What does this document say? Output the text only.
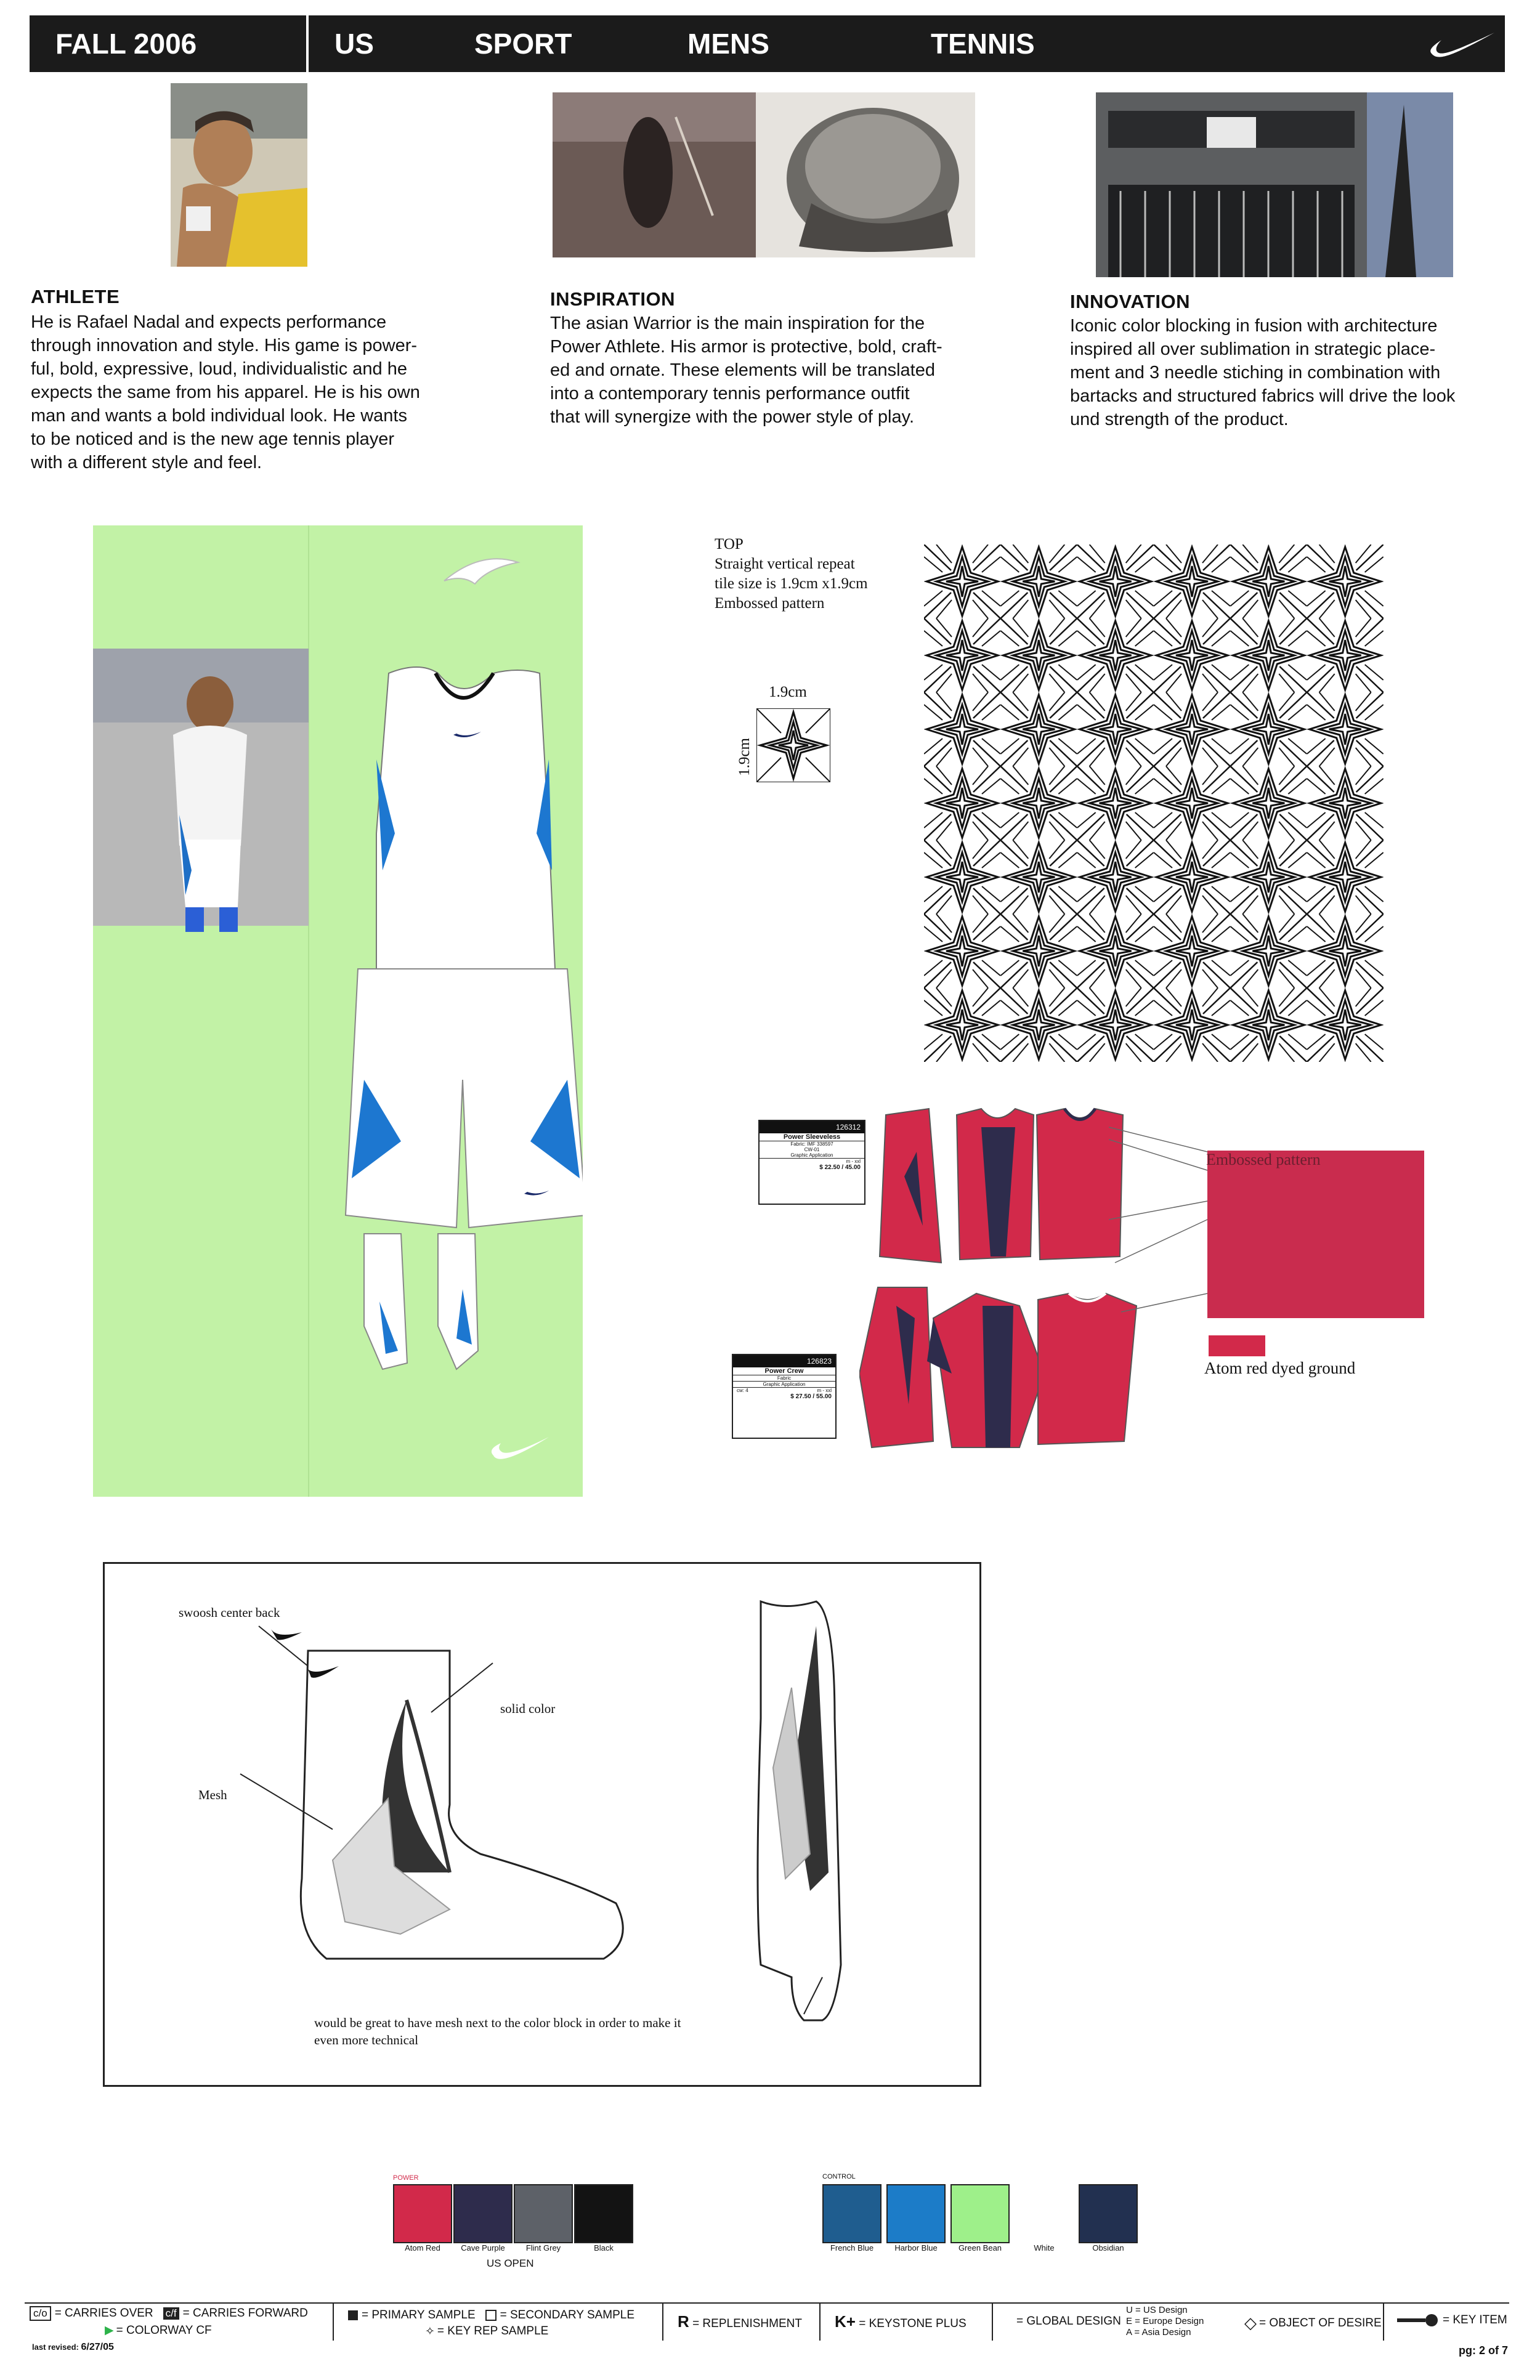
FALL 2006	US	SPORT	MENS	TENNIS
ATHLETE
He is Rafael Nadal and expects performance
through innovation and style. His game is power-
ful, bold, expressive, loud, individualistic and he
expects the same from his apparel. He is his own
man and wants a bold individual look. He wants
to be noticed and is the new age tennis player
with a different style and feel.
INSPIRATION
The asian Warrior is the main inspiration for the
Power Athlete. His armor is protective, bold, craft-
ed and ornate. These elements will be translated
into a contemporary tennis performance outfit
that will synergize with the power style of play.
INNOVATION
Iconic color blocking in fusion with architecture
inspired all over sublimation in strategic place-
ment and 3 needle stiching in combination with
bartacks and structured fabrics will drive the look
und strength of the product.
TOP
Straight vertical repeat
tile size is 1.9cm x1.9cm
Embossed pattern
1.9cm
1.9cm
126312
Power Sleeveless
Fabric: IMF 338597
CW-01
Graphic Application
m - xxl
$ 22.50 / 45.00
126823
Power Crew
Fabric
Graphic Application
cw: 4	m - xxl
$ 27.50 / 55.00
Embossed pattern
Atom red dyed ground
swoosh center back
solid color
Mesh
would be great to have mesh next to the color block in order to make it
even more technical
POWER
Atom Red	Cave Purple	Flint Grey	Black
US OPEN
CONTROL
French Blue	Harbor Blue	Green Bean	White	Obsidian
c/o = CARRIES OVER c/f = CARRIES FORWARD
▶ = COLORWAY CF
last revised: 6/27/05
= PRIMARY SAMPLE = SECONDARY SAMPLE
✧ = KEY REP SAMPLE
R = REPLENISHMENT K+ = KEYSTONE PLUS	= GLOBAL DESIGN
U = US Design
E = Europe Design
A = Asia Design
◇ = OBJECT OF DESIRE	= KEY ITEM
pg: 2 of 7
